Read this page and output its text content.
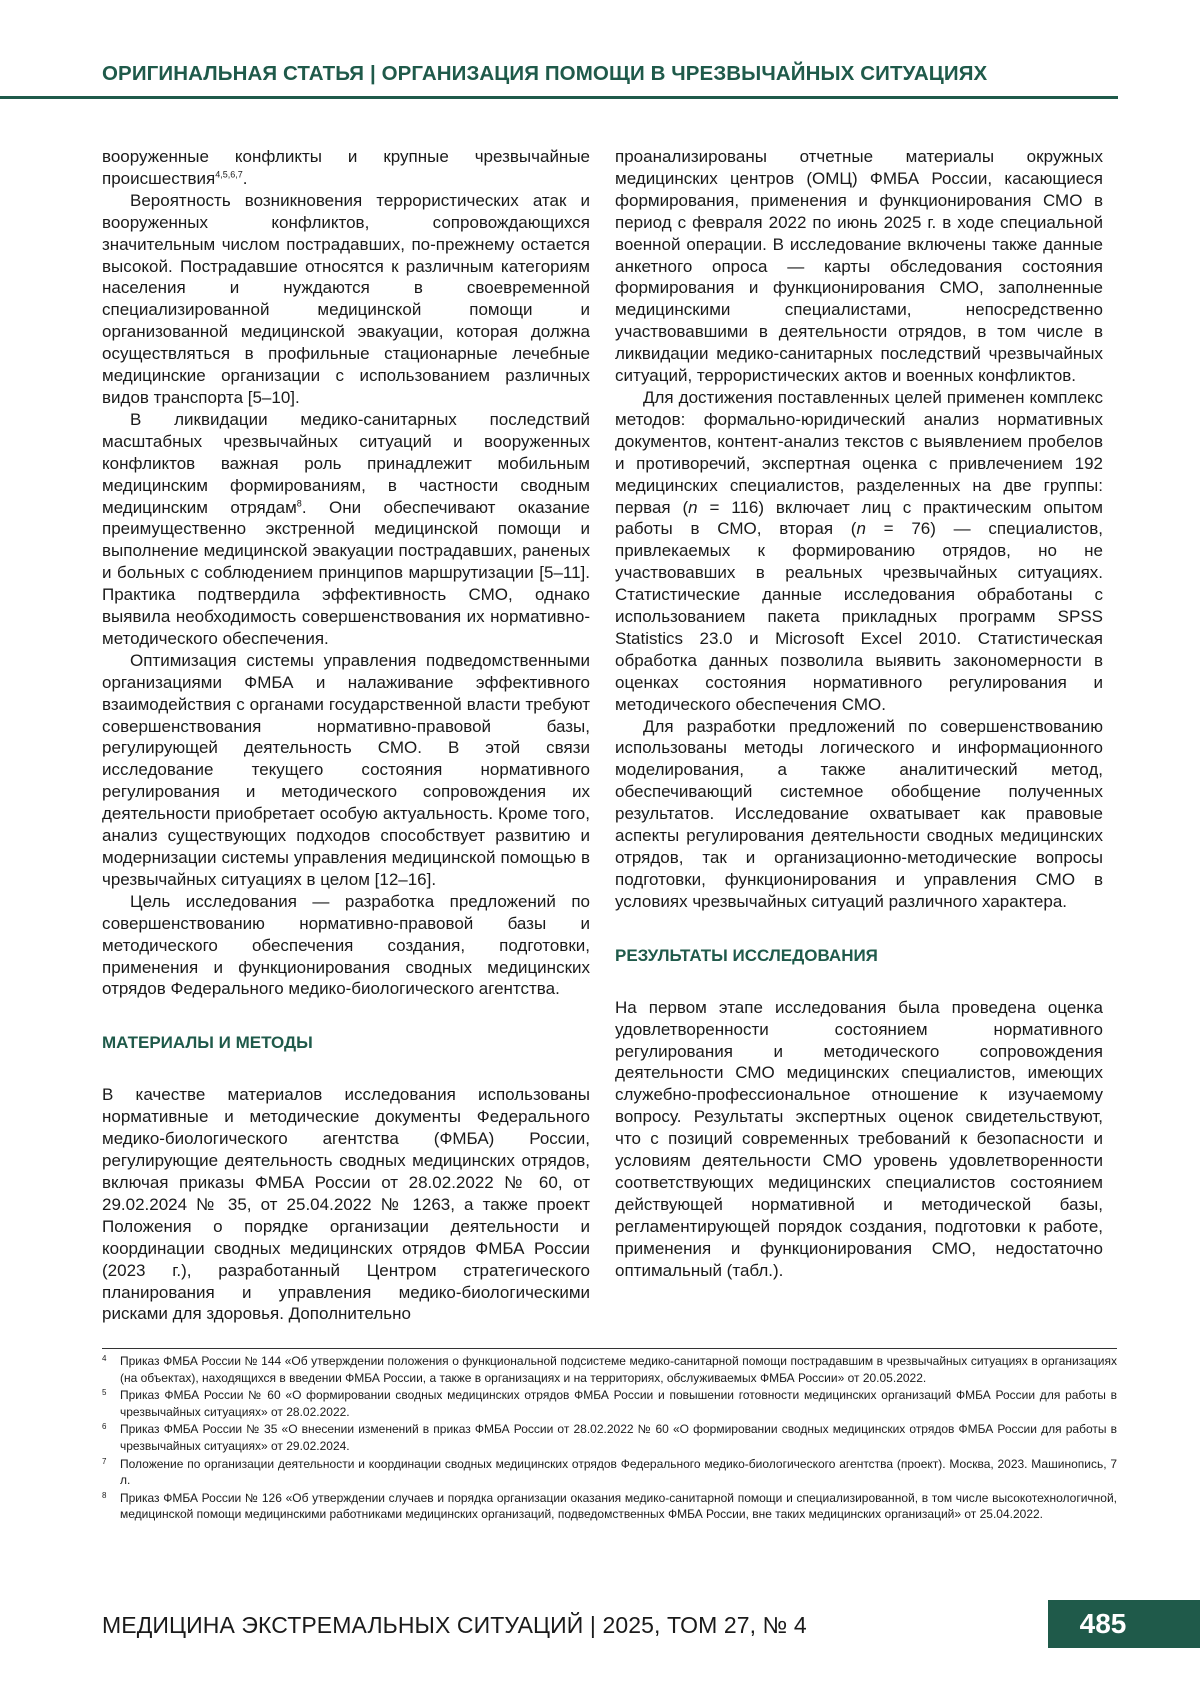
ОРИГИНАЛЬНАЯ СТАТЬЯ | ОРГАНИЗАЦИЯ ПОМОЩИ В ЧРЕЗВЫЧАЙНЫХ СИТУАЦИЯХ

вооруженные конфликты и крупные чрезвычайные происшествия$^{4,5,6,7}$.

Вероятность возникновения террористических атак и вооруженных конфликтов, сопровождающихся значительным числом пострадавших, по-прежнему остается высокой. Пострадавшие относятся к различным категориям населения и нуждаются в своевременной специализированной медицинской помощи и организованной медицинской эвакуации, которая должна осуществляться в профильные стационарные лечебные медицинские организации с использованием различных видов транспорта [5–10].

В ликвидации медико-санитарных последствий масштабных чрезвычайных ситуаций и вооруженных конфликтов важная роль принадлежит мобильным медицинским формированиям, в частности сводным медицинским отрядам$^8$. Они обеспечивают оказание преимущественно экстренной медицинской помощи и выполнение медицинской эвакуации пострадавших, раненых и больных с соблюдением принципов маршрутизации [5–11]. Практика подтвердила эффективность СМО, однако выявила необходимость совершенствования их нормативно-методического обеспечения.

Оптимизация системы управления подведомственными организациями ФМБА и налаживание эффективного взаимодействия с органами государственной власти требуют совершенствования нормативно-правовой базы, регулирующей деятельность СМО. В этой связи исследование текущего состояния нормативного регулирования и методического сопровождения их деятельности приобретает особую актуальность. Кроме того, анализ существующих подходов способствует развитию и модернизации системы управления медицинской помощью в чрезвычайных ситуациях в целом [12–16].

Цель исследования — разработка предложений по совершенствованию нормативно-правовой базы и методического обеспечения создания, подготовки, применения и функционирования сводных медицинских отрядов Федерального медико-биологического агентства.

МАТЕРИАЛЫ И МЕТОДЫ

В качестве материалов исследования использованы нормативные и методические документы Федерального медико-биологического агентства (ФМБА) России, регулирующие деятельность сводных медицинских отрядов, включая приказы ФМБА России от 28.02.2022 № 60, от 29.02.2024 № 35, от 25.04.2022 № 1263, а также проект Положения о порядке организации деятельности и координации сводных медицинских отрядов ФМБА России (2023 г.), разработанный Центром стратегического планирования и управления медико-биологическими рисками для здоровья. Дополнительно

проанализированы отчетные материалы окружных медицинских центров (ОМЦ) ФМБА России, касающиеся формирования, применения и функционирования СМО в период с февраля 2022 по июнь 2025 г. в ходе специальной военной операции. В исследование включены также данные анкетного опроса — карты обследования состояния формирования и функционирования СМО, заполненные медицинскими специалистами, непосредственно участвовавшими в деятельности отрядов, в том числе в ликвидации медико-санитарных последствий чрезвычайных ситуаций, террористических актов и военных конфликтов.

Для достижения поставленных целей применен комплекс методов: формально-юридический анализ нормативных документов, контент-анализ текстов с выявлением пробелов и противоречий, экспертная оценка с привлечением 192 медицинских специалистов, разделенных на две группы: первая (n = 116) включает лиц с практическим опытом работы в СМО, вторая (n = 76) — специалистов, привлекаемых к формированию отрядов, но не участвовавших в реальных чрезвычайных ситуациях. Статистические данные исследования обработаны с использованием пакета прикладных программ SPSS Statistics 23.0 и Microsoft Excel 2010. Статистическая обработка данных позволила выявить закономерности в оценках состояния нормативного регулирования и методического обеспечения СМО.

Для разработки предложений по совершенствованию использованы методы логического и информационного моделирования, а также аналитический метод, обеспечивающий системное обобщение полученных результатов. Исследование охватывает как правовые аспекты регулирования деятельности сводных медицинских отрядов, так и организационно-методические вопросы подготовки, функционирования и управления СМО в условиях чрезвычайных ситуаций различного характера.

РЕЗУЛЬТАТЫ ИССЛЕДОВАНИЯ

На первом этапе исследования была проведена оценка удовлетворенности состоянием нормативного регулирования и методического сопровождения деятельности СМО медицинских специалистов, имеющих служебно-профессиональное отношение к изучаемому вопросу. Результаты экспертных оценок свидетельствуют, что с позиций современных требований к безопасности и условиям деятельности СМО уровень удовлетворенности соответствующих медицинских специалистов состоянием действующей нормативной и методической базы, регламентирующей порядок создания, подготовки к работе, применения и функционирования СМО, недостаточно оптимальный (табл.).

4 Приказ ФМБА России № 144 «Об утверждении положения о функциональной подсистеме медико-санитарной помощи пострадавшим в чрезвычайных ситуациях в организациях (на объектах), находящихся в введении ФМБА России, а также в организациях и на территориях, обслуживаемых ФМБА России» от 20.05.2022.
5 Приказ ФМБА России № 60 «О формировании сводных медицинских отрядов ФМБА России и повышении готовности медицинских организаций ФМБА России для работы в чрезвычайных ситуациях» от 28.02.2022.
6 Приказ ФМБА России № 35 «О внесении изменений в приказ ФМБА России от 28.02.2022 № 60 «О формировании сводных медицинских отрядов ФМБА России для работы в чрезвычайных ситуациях» от 29.02.2024.
7 Положение по организации деятельности и координации сводных медицинских отрядов Федерального медико-биологического агентства (проект). Москва, 2023. Машинопись, 7 л.
8 Приказ ФМБА России № 126 «Об утверждении случаев и порядка организации оказания медико-санитарной помощи и специализированной, в том числе высокотехнологичной, медицинской помощи медицинскими работниками медицинских организаций, подведомственных ФМБА России, вне таких медицинских организаций» от 25.04.2022.
МЕДИЦИНА ЭКСТРЕМАЛЬНЫХ СИТУАЦИЙ | 2025, ТОМ 27, № 4	485
